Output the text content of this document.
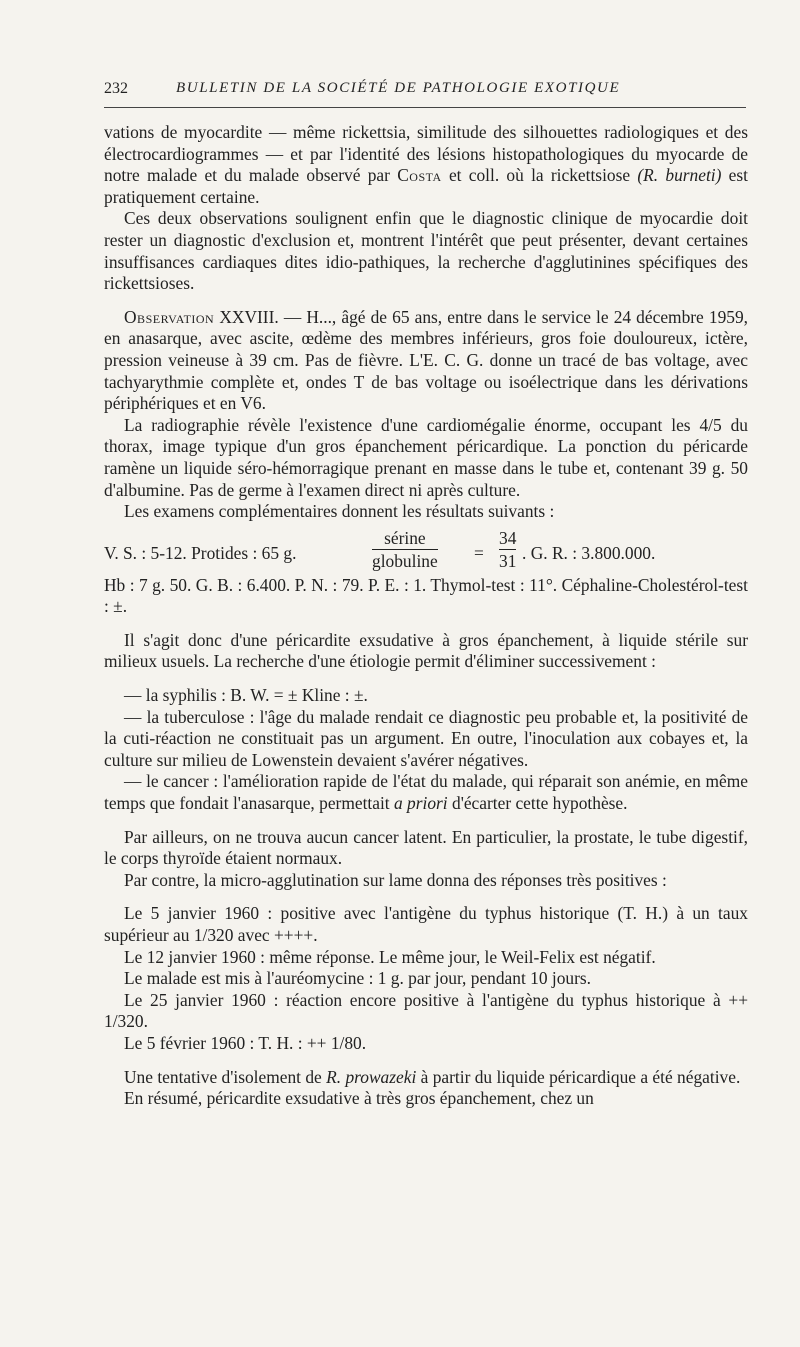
232	BULLETIN DE LA SOCIÉTÉ DE PATHOLOGIE EXOTIQUE

vations de myocardite — même rickettsia, similitude des silhouettes radiologiques et des électrocardiogrammes — et par l'identité des lésions histopathologiques du myocarde de notre malade et du malade observé par Costa et coll. où la rickettsiose (R. burneti) est pratiquement certaine.

Ces deux observations soulignent enfin que le diagnostic clinique de myocardie doit rester un diagnostic d'exclusion et, montrent l'intérêt que peut présenter, devant certaines insuffisances cardiaques dites idio-pathiques, la recherche d'agglutinines spécifiques des rickettsioses.

Observation XXVIII. — H..., âgé de 65 ans, entre dans le service le 24 décembre 1959, en anasarque, avec ascite, œdème des membres inférieurs, gros foie douloureux, ictère, pression veineuse à 39 cm. Pas de fièvre. L'E. C. G. donne un tracé de bas voltage, avec tachyarythmie complète et, ondes T de bas voltage ou isoélectrique dans les dérivations périphériques et en V6.

La radiographie révèle l'existence d'une cardiomégalie énorme, occupant les 4/5 du thorax, image typique d'un gros épanchement péricardique. La ponction du péricarde ramène un liquide séro-hémorragique prenant en masse dans le tube et, contenant 39 g. 50 d'albumine. Pas de germe à l'examen direct ni après culture.

Les examens complémentaires donnent les résultats suivants :

V. S. : 5-12. Protides : 65 g.
sérine
globuline =
34
31 . G. R. : 3.800.000.

Hb : 7 g. 50. G. B. : 6.400. P. N. : 79. P. E. : 1. Thymol-test : 11°. Céphaline-Cholestérol-test : ±.

Il s'agit donc d'une péricardite exsudative à gros épanchement, à liquide stérile sur milieux usuels. La recherche d'une étiologie permit d'éliminer successivement :

— la syphilis : B. W. = ± Kline : ±.

— la tuberculose : l'âge du malade rendait ce diagnostic peu probable et, la positivité de la cuti-réaction ne constituait pas un argument. En outre, l'inoculation aux cobayes et, la culture sur milieu de Lowenstein devaient s'avérer négatives.

— le cancer : l'amélioration rapide de l'état du malade, qui réparait son anémie, en même temps que fondait l'anasarque, permettait a priori d'écarter cette hypothèse.

Par ailleurs, on ne trouva aucun cancer latent. En particulier, la prostate, le tube digestif, le corps thyroïde étaient normaux.

Par contre, la micro-agglutination sur lame donna des réponses très positives :

Le 5 janvier 1960 : positive avec l'antigène du typhus historique (T. H.) à un taux supérieur au 1/320 avec ++++.

Le 12 janvier 1960 : même réponse. Le même jour, le Weil-Felix est négatif.

Le malade est mis à l'auréomycine : 1 g. par jour, pendant 10 jours.

Le 25 janvier 1960 : réaction encore positive à l'antigène du typhus historique à ++ 1/320.

Le 5 février 1960 : T. H. : ++ 1/80.

Une tentative d'isolement de R. prowazeki à partir du liquide péricardique a été négative.

En résumé, péricardite exsudative à très gros épanchement, chez un
